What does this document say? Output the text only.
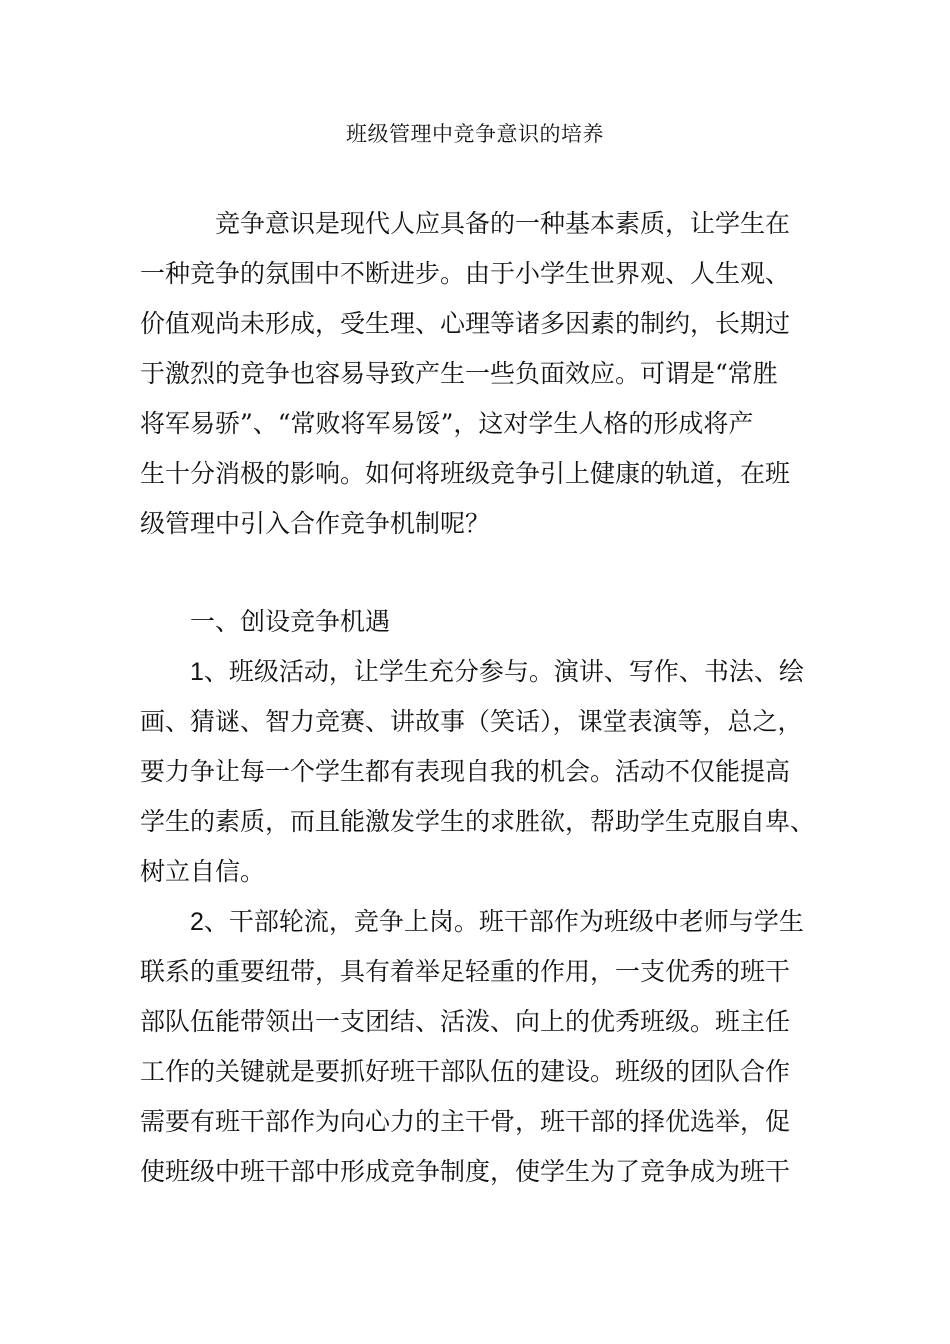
班级管理中竞争意识的培养
竞争意识是现代人应具备的一种基本素质，让学生在
一种竞争的氛围中不断进步。由于小学生世界观、人生观、
价值观尚未形成，受生理、心理等诸多因素的制约，长期过
于激烈的竞争也容易导致产生一些负面效应。可谓是“常胜
将军易骄”、“常败将军易馁”，这对学生人格的形成将产
生十分消极的影响。如何将班级竞争引上健康的轨道，在班
级管理中引入合作竞争机制呢？
一、创设竞争机遇
1、班级活动，让学生充分参与。演讲、写作、书法、绘
画、猜谜、智力竞赛、讲故事（笑话），课堂表演等，总之，
要力争让每一个学生都有表现自我的机会。活动不仅能提高
学生的素质，而且能激发学生的求胜欲，帮助学生克服自卑、
树立自信。
2、干部轮流，竞争上岗。班干部作为班级中老师与学生
联系的重要纽带，具有着举足轻重的作用，一支优秀的班干
部队伍能带领出一支团结、活泼、向上的优秀班级。班主任
工作的关键就是要抓好班干部队伍的建设。班级的团队合作
需要有班干部作为向心力的主干骨，班干部的择优选举，促
使班级中班干部中形成竞争制度，使学生为了竞争成为班干
